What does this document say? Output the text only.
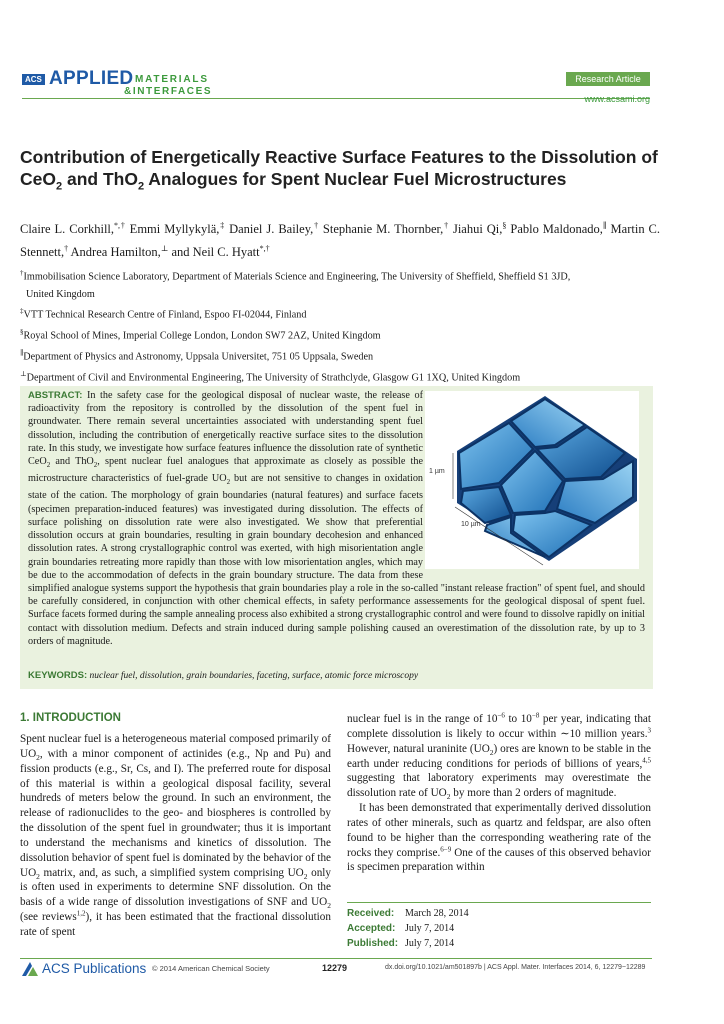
ACS APPLIED MATERIALS
&INTERFACES
Research Article
www.acsami.org
Contribution of Energetically Reactive Surface Features to the Dissolution of CeO$_2$ and ThO$_2$ Analogues for Spent Nuclear Fuel Microstructures
Claire L. Corkhill,*,† Emmi Myllykylä,‡ Daniel J. Bailey,† Stephanie M. Thornber,† Jiahui Qi,§ Pablo Maldonado,∥ Martin C. Stennett,† Andrea Hamilton,⊥ and Neil C. Hyatt*,†
†Immobilisation Science Laboratory, Department of Materials Science and Engineering, The University of Sheffield, Sheffield S1 3JD,
United Kingdom
‡VTT Technical Research Centre of Finland, Espoo FI-02044, Finland
§Royal School of Mines, Imperial College London, London SW7 2AZ, United Kingdom
∥Department of Physics and Astronomy, Uppsala Universitet, 751 05 Uppsala, Sweden
⊥Department of Civil and Environmental Engineering, The University of Strathclyde, Glasgow G1 1XQ, United Kingdom
1 µm
10 µm
ABSTRACT: In the safety case for the geological disposal of nuclear waste, the release of radioactivity from the repository is controlled by the dissolution of the spent fuel in groundwater. There remain several uncertainties associated with understanding spent fuel dissolution, including the contribution of energetically reactive surface sites to the dissolution rate. In this study, we investigate how surface features influence the dissolution rate of synthetic CeO$_2$ and ThO$_2$, spent nuclear fuel analogues that approximate as closely as possible the microstructure characteristics of fuel-grade $UO_2$ but are not sensitive to changes in oxidation state of the cation. The morphology of grain boundaries (natural features) and surface facets (specimen preparation-induced features) was investigated during dissolution. The effects of surface polishing on dissolution rate were also investigated. We show that preferential dissolution occurs at grain boundaries, resulting in grain boundary decohesion and enhanced dissolution rates. A strong crystallographic control was exerted, with high misorientation angle grain boundaries retreating more rapidly than those with low misorientation angles, which may be due to the accommodation of defects in the grain boundary structure. The data from these simplified analogue systems support the hypothesis that grain boundaries play a role in the so-called "instant release fraction" of spent fuel, and should be carefully considered, in conjunction with other chemical effects, in safety performance assessements for the geological disposal of spent fuel. Surface facets formed during the sample annealing process also exhibited a strong crystallographic control and were found to dissolve rapidly on initial contact with dissolution medium. Defects and strain induced during sample polishing caused an overestimation of the dissolution rate, by up to 3 orders of magnitude.
KEYWORDS: nuclear fuel, dissolution, grain boundaries, faceting, surface, atomic force microscopy
1. INTRODUCTION
Spent nuclear fuel is a heterogeneous material composed primarily of $UO_2$, with a minor component of actinides (e.g., Np and Pu) and fission products (e.g., Sr, Cs, and I). The preferred route for disposal of this material is within a geological disposal facility, several hundreds of meters below the ground. In such an environment, the release of radionuclides to the geo- and biospheres is controlled by the dissolution of the spent fuel in groundwater; thus it is important to understand the mechanisms and kinetics of dissolution. The dissolution behavior of spent fuel is dominated by the behavior of the $UO_2$ matrix, and, as such, a simplified system comprising $UO_2$ only is often used in experiments to determine SNF dissolution. On the basis of a wide range of dissolution investigations of SNF and $UO_2$ (see reviews$^{1,2}$), it has been estimated that the fractional dissolution rate of spent

nuclear fuel is in the range of $10^{-6}$ to $10^{-8}$ per year, indicating that complete dissolution is likely to occur within ∼10 million years.$^3$ However, natural uraninite $(UO_2)$ ores are known to be stable in the earth under reducing conditions for periods of billions of years,$^{4,5}$ suggesting that laboratory experiments may overestimate the dissolution rate of $UO_2$ by more than 2 orders of magnitude.

It has been demonstrated that experimentally derived dissolution rates of other minerals, such as quartz and feldspar, are also often found to be higher than the corresponding weathering rate of the rocks they comprise.$^{6-9}$ One of the causes of this observed behavior is specimen preparation within

Received: March 28, 2014
Accepted: July 7, 2014
Published: July 7, 2014
ACS Publications © 2014 American Chemical Society	12279	dx.doi.org/10.1021/am501897b | ACS Appl. Mater. Interfaces 2014, 6, 12279−12289
